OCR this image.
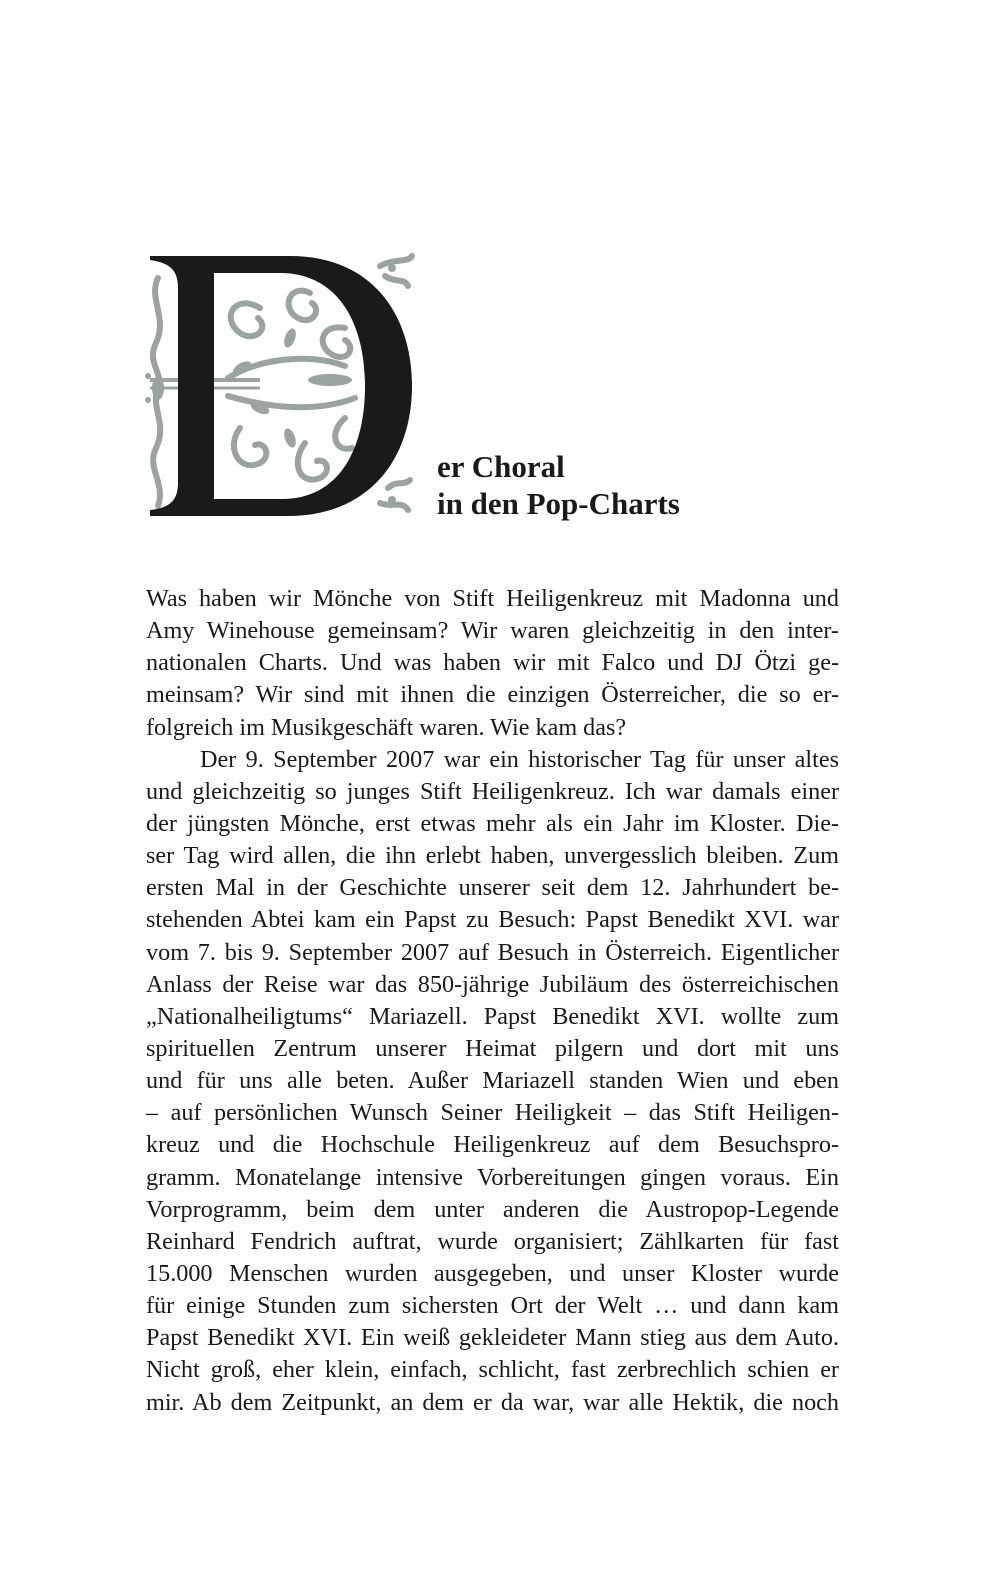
er Choral
in den Pop-Charts
Was haben wir Mönche von Stift Heiligenkreuz mit Madonna und
Amy Winehouse gemeinsam? Wir waren gleichzeitig in den inter-
nationalen Charts. Und was haben wir mit Falco und DJ Ötzi ge-
meinsam? Wir sind mit ihnen die einzigen Österreicher, die so er-
folgreich im Musikgeschäft waren. Wie kam das?
Der 9. September 2007 war ein historischer Tag für unser altes
und gleichzeitig so junges Stift Heiligenkreuz. Ich war damals einer
der jüngsten Mönche, erst etwas mehr als ein Jahr im Kloster. Die-
ser Tag wird allen, die ihn erlebt haben, unvergesslich bleiben. Zum
ersten Mal in der Geschichte unserer seit dem 12. Jahrhundert be-
stehenden Abtei kam ein Papst zu Besuch: Papst Benedikt XVI. war
vom 7. bis 9. September 2007 auf Besuch in Österreich. Eigentlicher
Anlass der Reise war das 850-jährige Jubiläum des österreichischen
„Nationalheiligtums“ Mariazell. Papst Benedikt XVI. wollte zum
spirituellen Zentrum unserer Heimat pilgern und dort mit uns
und für uns alle beten. Außer Mariazell standen Wien und eben
– auf persönlichen Wunsch Seiner Heiligkeit – das Stift Heiligen-
kreuz und die Hochschule Heiligenkreuz auf dem Besuchspro-
gramm. Monatelange intensive Vorbereitungen gingen voraus. Ein
Vorprogramm, beim dem unter anderen die Austropop-Legende
Reinhard Fendrich auftrat, wurde organisiert; Zählkarten für fast
15.000 Menschen wurden ausgegeben, und unser Kloster wurde
für einige Stunden zum sichersten Ort der Welt … und dann kam
Papst Benedikt XVI. Ein weiß gekleideter Mann stieg aus dem Auto.
Nicht groß, eher klein, einfach, schlicht, fast zerbrechlich schien er
mir. Ab dem Zeitpunkt, an dem er da war, war alle Hektik, die noch
